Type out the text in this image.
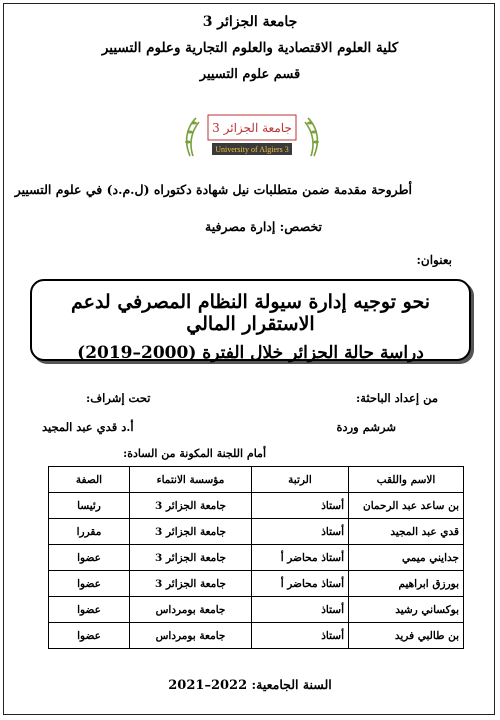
جامعة الجزائر 3
كلية العلوم الاقتصادية والعلوم التجارية وعلوم التسيير
قسم علوم التسيير
جامعة الجزائر 3
University of Algiers 3
أطروحة مقدمة ضمن متطلبات نيل شهادة دكتوراه (ل.م.د) في علوم التسيير
تخصص: إدارة مصرفية
بعنوان:
نحو توجيه إدارة سيولة النظام المصرفي لدعم الاستقرار المالي
دراسة حالة الجزائر خلال الفترة (2000–2019)
من إعداد الباحثة:
شرشم وردة
تحت إشراف:
أ.د قدي عبد المجيد
أمام اللجنة المكونة من السادة:
الاسم واللقب	الرتبة	مؤسسة الانتماء	الصفة
بن ساعد عبد الرحمان	أستاذ	جامعة الجزائر 3	رئيسا
قدي عبد المجيد	أستاذ	جامعة الجزائر 3	مقررا
جدايني ميمي	أستاذ محاضر أ	جامعة الجزائر 3	عضوا
بورزق ابراهيم	أستاذ محاضر أ	جامعة الجزائر 3	عضوا
بوكساني رشيد	أستاذ	جامعة بومرداس	عضوا
بن طالبي فريد	أستاذ	جامعة بومرداس	عضوا
السنة الجامعية: 2022–2021
